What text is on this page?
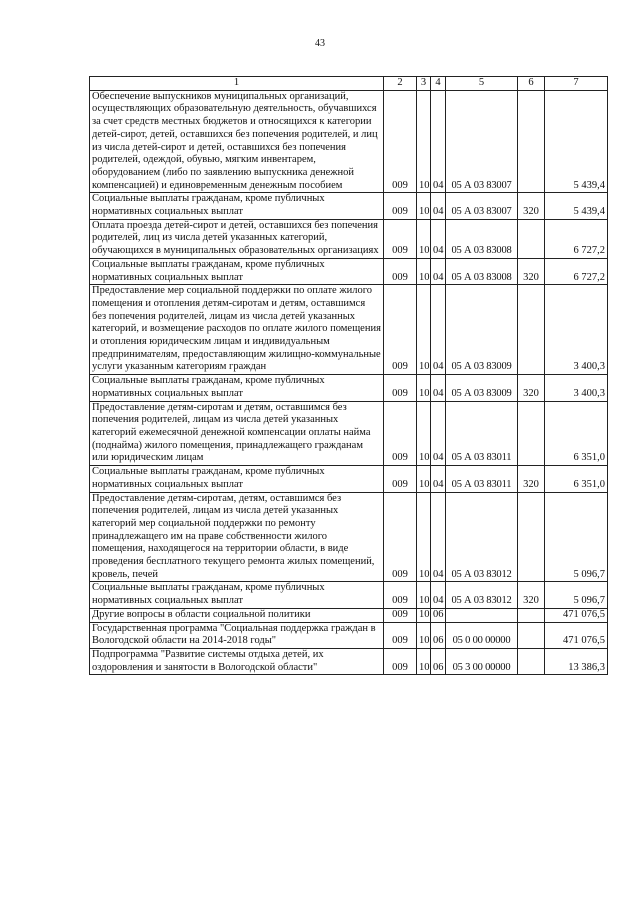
43
1	2	3	4	5	6	7
Обеспечение выпускников муниципальных организаций, осуществляющих образовательную деятельность, обучавшихся за счет средств местных бюджетов и относящихся к категории детей-сирот, детей, оставшихся без попечения родителей, и лиц из числа детей-сирот и детей, оставшихся без попечения родителей, одеждой, обувью, мягким инвентарем, оборудованием (либо по заявлению выпускника денежной компенсацией) и единовременным денежным пособием	009	10	04	05 А 03 83007		5 439,4
Социальные выплаты гражданам, кроме публичных нормативных социальных выплат	009	10	04	05 А 03 83007	320	5 439,4
Оплата проезда детей-сирот и детей, оставшихся без попечения родителей, лиц из числа детей указанных категорий, обучающихся в муниципальных образовательных организациях	009	10	04	05 А 03 83008		6 727,2
Социальные выплаты гражданам, кроме публичных нормативных социальных выплат	009	10	04	05 А 03 83008	320	6 727,2
Предоставление мер социальной поддержки по оплате жилого помещения и отопления детям-сиротам и детям, оставшимся без попечения родителей, лицам из числа детей указанных категорий, и возмещение расходов по оплате жилого помещения и отопления юридическим лицам и индивидуальным предпринимателям, предоставляющим жилищно-коммунальные услуги указанным категориям граждан	009	10	04	05 А 03 83009		3 400,3
Социальные выплаты гражданам, кроме публичных нормативных социальных выплат	009	10	04	05 А 03 83009	320	3 400,3
Предоставление детям-сиротам и детям, оставшимся без попечения родителей, лицам из числа детей указанных категорий ежемесячной денежной компенсации оплаты найма (поднайма) жилого помещения, принадлежащего гражданам или юридическим лицам	009	10	04	05 А 03 83011		6 351,0
Социальные выплаты гражданам, кроме публичных нормативных социальных выплат	009	10	04	05 А 03 83011	320	6 351,0
Предоставление детям-сиротам, детям, оставшимся без попечения родителей, лицам из числа детей указанных категорий мер социальной поддержки по ремонту принадлежащего им на праве собственности жилого помещения, находящегося на территории области, в виде проведения бесплатного текущего ремонта жилых помещений, кровель, печей	009	10	04	05 А 03 83012		5 096,7
Социальные выплаты гражданам, кроме публичных нормативных социальных выплат	009	10	04	05 А 03 83012	320	5 096,7
Другие вопросы в области социальной политики	009	10	06			471 076,5
Государственная программа "Социальная поддержка граждан в Вологодской области на 2014-2018 годы"	009	10	06	05 0 00 00000		471 076,5
Подпрограмма "Развитие системы отдыха детей, их оздоровления и занятости в Вологодской области"	009	10	06	05 3 00 00000		13 386,3
